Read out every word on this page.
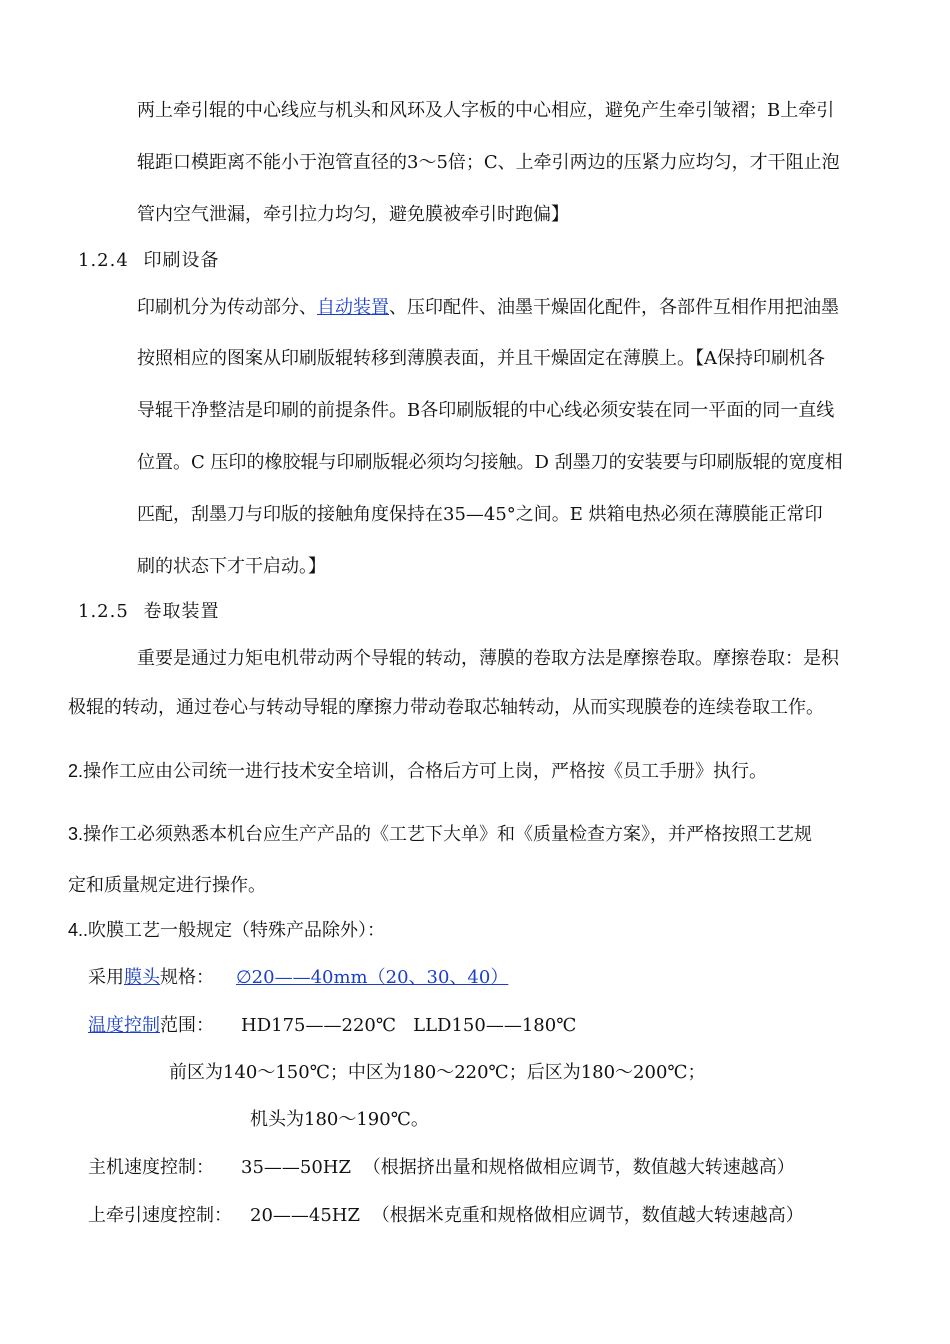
两上牵引辊的中心线应与机头和风环及人字板的中心相应，避免产生牵引皱褶；B上牵引
辊距口模距离不能小于泡管直径的3～5倍；C、上牵引两边的压紧力应均匀，才干阻止泡
管内空气泄漏，牵引拉力均匀，避免膜被牵引时跑偏】
1.2.4 印刷设备
印刷机分为传动部分、自动装置、压印配件、油墨干燥固化配件，各部件互相作用把油墨
按照相应的图案从印刷版辊转移到薄膜表面，并且干燥固定在薄膜上。【A保持印刷机各
导辊干净整洁是印刷的前提条件。B各印刷版辊的中心线必须安装在同一平面的同一直线
位置。C 压印的橡胶辊与印刷版辊必须均匀接触。D 刮墨刀的安装要与印刷版辊的宽度相
匹配，刮墨刀与印版的接触角度保持在35—45°之间。E 烘箱电热必须在薄膜能正常印
刷的状态下才干启动。】
1.2.5 卷取装置
重要是通过力矩电机带动两个导辊的转动，薄膜的卷取方法是摩擦卷取。摩擦卷取：是积
极辊的转动，通过卷心与转动导辊的摩擦力带动卷取芯轴转动，从而实现膜卷的连续卷取工作。
2.操作工应由公司统一进行技术安全培训，合格后方可上岗，严格按《员工手册》执行。
3.操作工必须熟悉本机台应生产产品的《工艺下大单》和《质量检查方案》，并严格按照工艺规
定和质量规定进行操作。
4..吹膜工艺一般规定（特殊产品除外）：
采用膜头规格： ∅20——40mm（20、30、40）
温度控制范围： HD175——220℃   LLD150——180℃
前区为140～150℃；中区为180～220℃；后区为180～200℃；
机头为180～190℃。
主机速度控制： 35——50HZ （根据挤出量和规格做相应调节，数值越大转速越高）
上牵引速度控制： 20——45HZ （根据米克重和规格做相应调节，数值越大转速越高）
